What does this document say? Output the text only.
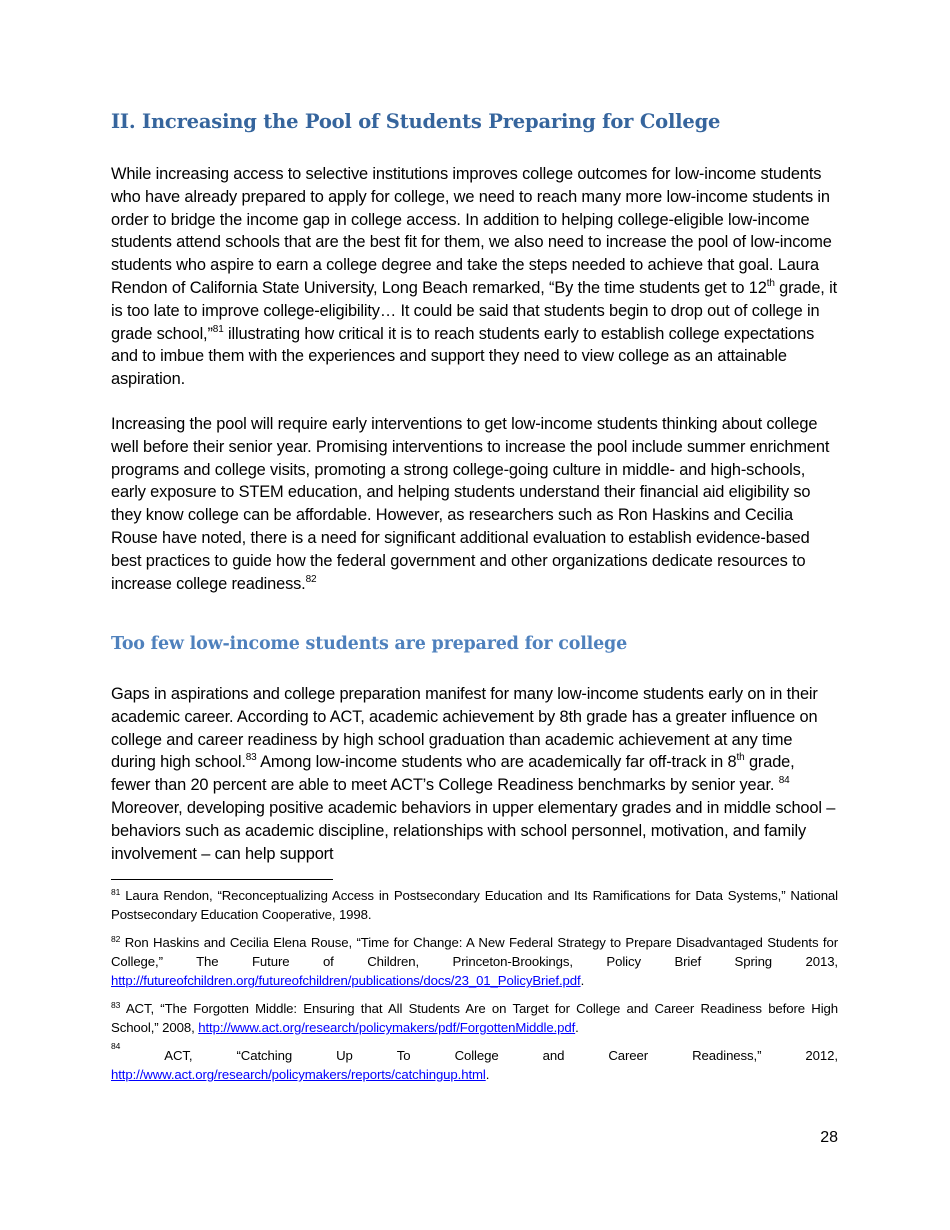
II. Increasing the Pool of Students Preparing for College

While increasing access to selective institutions improves college outcomes for low-income students who have already prepared to apply for college, we need to reach many more low-income students in order to bridge the income gap in college access. In addition to helping college-eligible low-income students attend schools that are the best fit for them, we also need to increase the pool of low-income students who aspire to earn a college degree and take the steps needed to achieve that goal. Laura Rendon of California State University, Long Beach remarked, “By the time students get to 12th grade, it is too late to improve college-eligibility… It could be said that students begin to drop out of college in grade school,”$^{81}$ illustrating how critical it is to reach students early to establish college expectations and to imbue them with the experiences and support they need to view college as an attainable aspiration.

Increasing the pool will require early interventions to get low-income students thinking about college well before their senior year. Promising interventions to increase the pool include summer enrichment programs and college visits, promoting a strong college-going culture in middle- and high-schools, early exposure to STEM education, and helping students understand their financial aid eligibility so they know college can be affordable. However, as researchers such as Ron Haskins and Cecilia Rouse have noted, there is a need for significant additional evaluation to establish evidence-based best practices to guide how the federal government and other organizations dedicate resources to increase college readiness.$^{82}$

Too few low-income students are prepared for college

Gaps in aspirations and college preparation manifest for many low-income students early on in their academic career. According to ACT, academic achievement by 8th grade has a greater influence on college and career readiness by high school graduation than academic achievement at any time during high school.$^{83}$ Among low-income students who are academically far off-track in 8th grade, fewer than 20 percent are able to meet ACT’s College Readiness benchmarks by senior year. $^{84}$ Moreover, developing positive academic behaviors in upper elementary grades and in middle school – behaviors such as academic discipline, relationships with school personnel, motivation, and family involvement – can help support

$^{81}$ Laura Rendon, “Reconceptualizing Access in Postsecondary Education and Its Ramifications for Data Systems,” National Postsecondary Education Cooperative, 1998.

$^{82}$ Ron Haskins and Cecilia Elena Rouse, “Time for Change: A New Federal Strategy to Prepare Disadvantaged Students for College,” The Future of Children, Princeton-Brookings, Policy Brief Spring 2013, http://futureofchildren.org/futureofchildren/publications/docs/23_01_PolicyBrief.pdf.

$^{83}$ ACT, “The Forgotten Middle: Ensuring that All Students Are on Target for College and Career Readiness before High School,” 2008, http://www.act.org/research/policymakers/pdf/ForgottenMiddle.pdf.

84
ACT,	“Catching	Up	To	College	and	Career	Readiness,”	2012,
http://www.act.org/research/policymakers/reports/catchingup.html.
28
